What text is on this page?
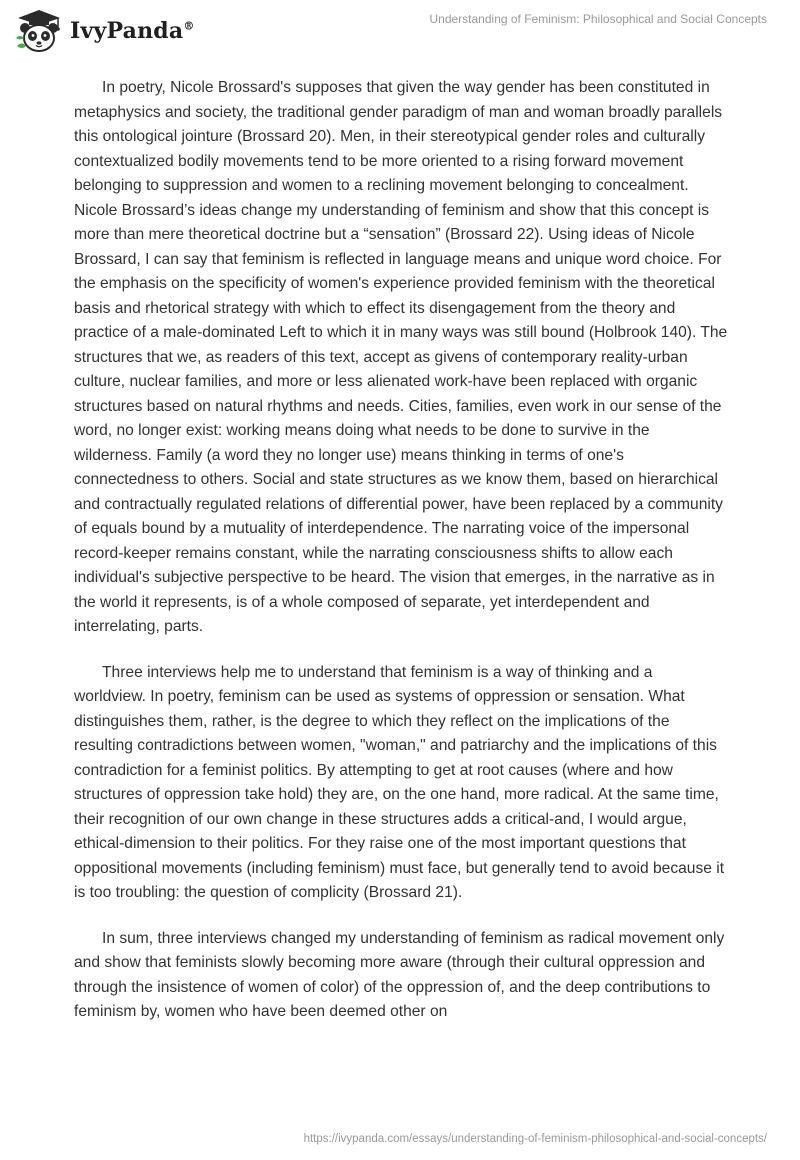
IvyPanda®
Understanding of Feminism: Philosophical and Social Concepts

In poetry, Nicole Brossard's supposes that given the way gender has been constituted in metaphysics and society, the traditional gender paradigm of man and woman broadly parallels this ontological jointure (Brossard 20). Men, in their stereotypical gender roles and culturally contextualized bodily movements tend to be more oriented to a rising forward movement belonging to suppression and women to a reclining movement belonging to concealment. Nicole Brossard’s ideas change my understanding of feminism and show that this concept is more than mere theoretical doctrine but a “sensation” (Brossard 22). Using ideas of Nicole Brossard, I can say that feminism is reflected in language means and unique word choice. For the emphasis on the specificity of women's experience provided feminism with the theoretical basis and rhetorical strategy with which to effect its disengagement from the theory and practice of a male-dominated Left to which it in many ways was still bound (Holbrook 140). The structures that we, as readers of this text, accept as givens of contemporary reality-urban culture, nuclear families, and more or less alienated work-have been replaced with organic structures based on natural rhythms and needs. Cities, families, even work in our sense of the word, no longer exist: working means doing what needs to be done to survive in the wilderness. Family (a word they no longer use) means thinking in terms of one's connectedness to others. Social and state structures as we know them, based on hierarchical and contractually regulated relations of differential power, have been replaced by a community of equals bound by a mutuality of interdependence. The narrating voice of the impersonal record-keeper remains constant, while the narrating consciousness shifts to allow each individual's subjective perspective to be heard. The vision that emerges, in the narrative as in the world it represents, is of a whole composed of separate, yet interdependent and interrelating, parts.

Three interviews help me to understand that feminism is a way of thinking and a worldview. In poetry, feminism can be used as systems of oppression or sensation. What distinguishes them, rather, is the degree to which they reflect on the implications of the resulting contradictions between women, "woman," and patriarchy and the implications of this contradiction for a feminist politics. By attempting to get at root causes (where and how structures of oppression take hold) they are, on the one hand, more radical. At the same time, their recognition of our own change in these structures adds a critical-and, I would argue, ethical-dimension to their politics. For they raise one of the most important questions that oppositional movements (including feminism) must face, but generally tend to avoid because it is too troubling: the question of complicity (Brossard 21).

In sum, three interviews changed my understanding of feminism as radical movement only and show that feminists slowly becoming more aware (through their cultural oppression and through the insistence of women of color) of the oppression of, and the deep contributions to feminism by, women who have been deemed other on

https://ivypanda.com/essays/understanding-of-feminism-philosophical-and-social-concepts/
